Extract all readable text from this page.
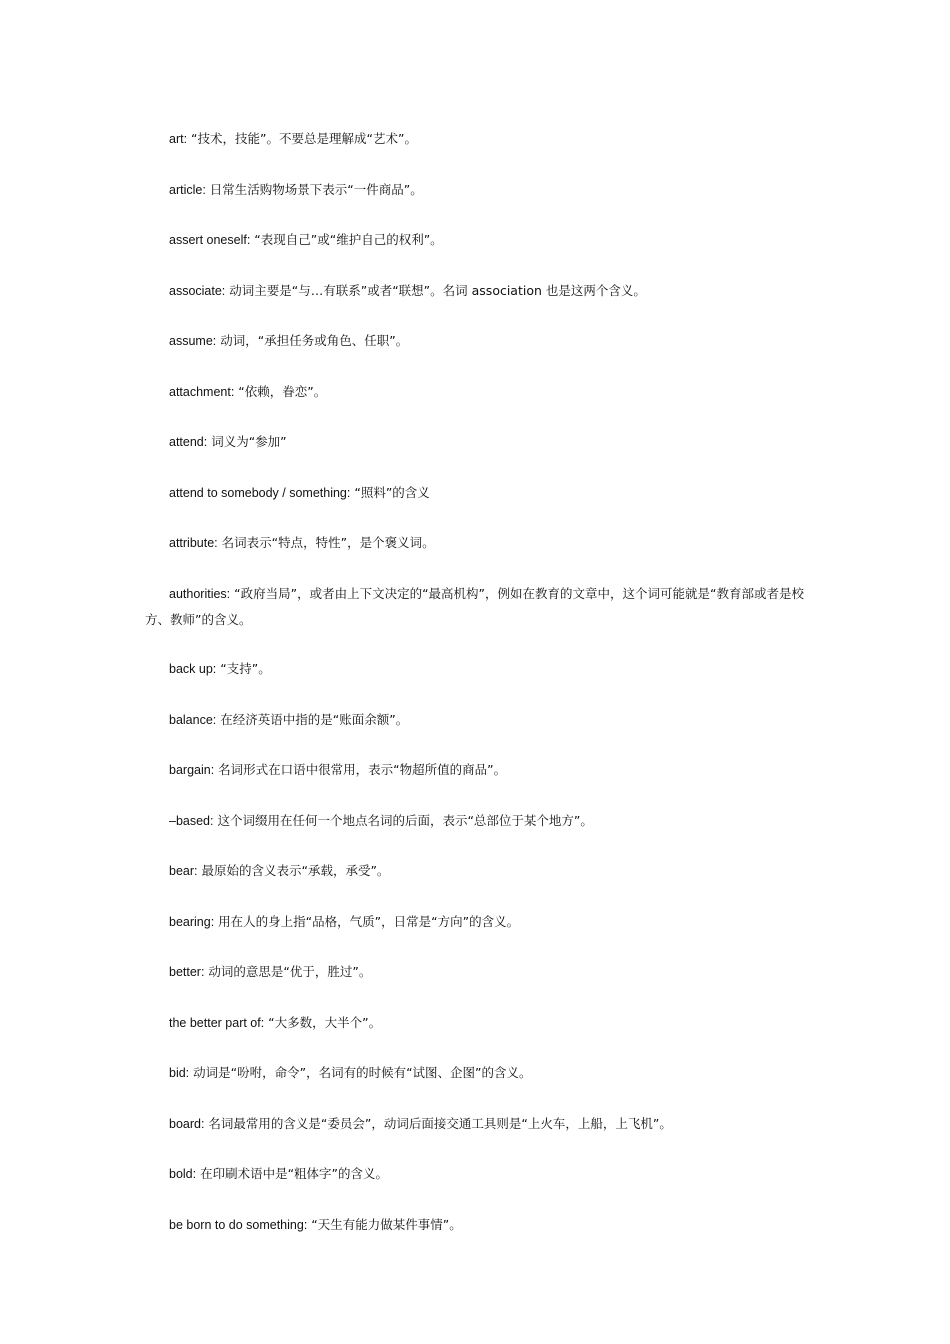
art: “技术，技能”。不要总是理解成“艺术”。

article: 日常生活购物场景下表示“一件商品”。

assert oneself: “表现自己”或“维护自己的权利”。

associate: 动词主要是“与…有联系”或者“联想”。名词 association 也是这两个含义。

assume: 动词，“承担任务或角色、任职”。

attachment: “依赖，眷恋”。

attend: 词义为“参加”

attend to somebody / something: “照料”的含义

attribute: 名词表示“特点，特性”，是个褒义词。

authorities: “政府当局”，或者由上下文决定的“最高机构”，例如在教育的文章中，这个词可能就是“教育部或者是校方、教师”的含义。

back up: “支持”。

balance: 在经济英语中指的是“账面余额”。

bargain: 名词形式在口语中很常用，表示“物超所值的商品”。

–based: 这个词缀用在任何一个地点名词的后面，表示“总部位于某个地方”。

bear: 最原始的含义表示“承载，承受”。

bearing: 用在人的身上指“品格，气质”，日常是“方向”的含义。

better: 动词的意思是“优于，胜过”。

the better part of: “大多数，大半个”。

bid: 动词是“吩咐，命令”，名词有的时候有“试图、企图”的含义。

board: 名词最常用的含义是“委员会”，动词后面接交通工具则是“上火车，上船，上飞机”。

bold: 在印刷术语中是“粗体字”的含义。

be born to do something: “天生有能力做某件事情”。
